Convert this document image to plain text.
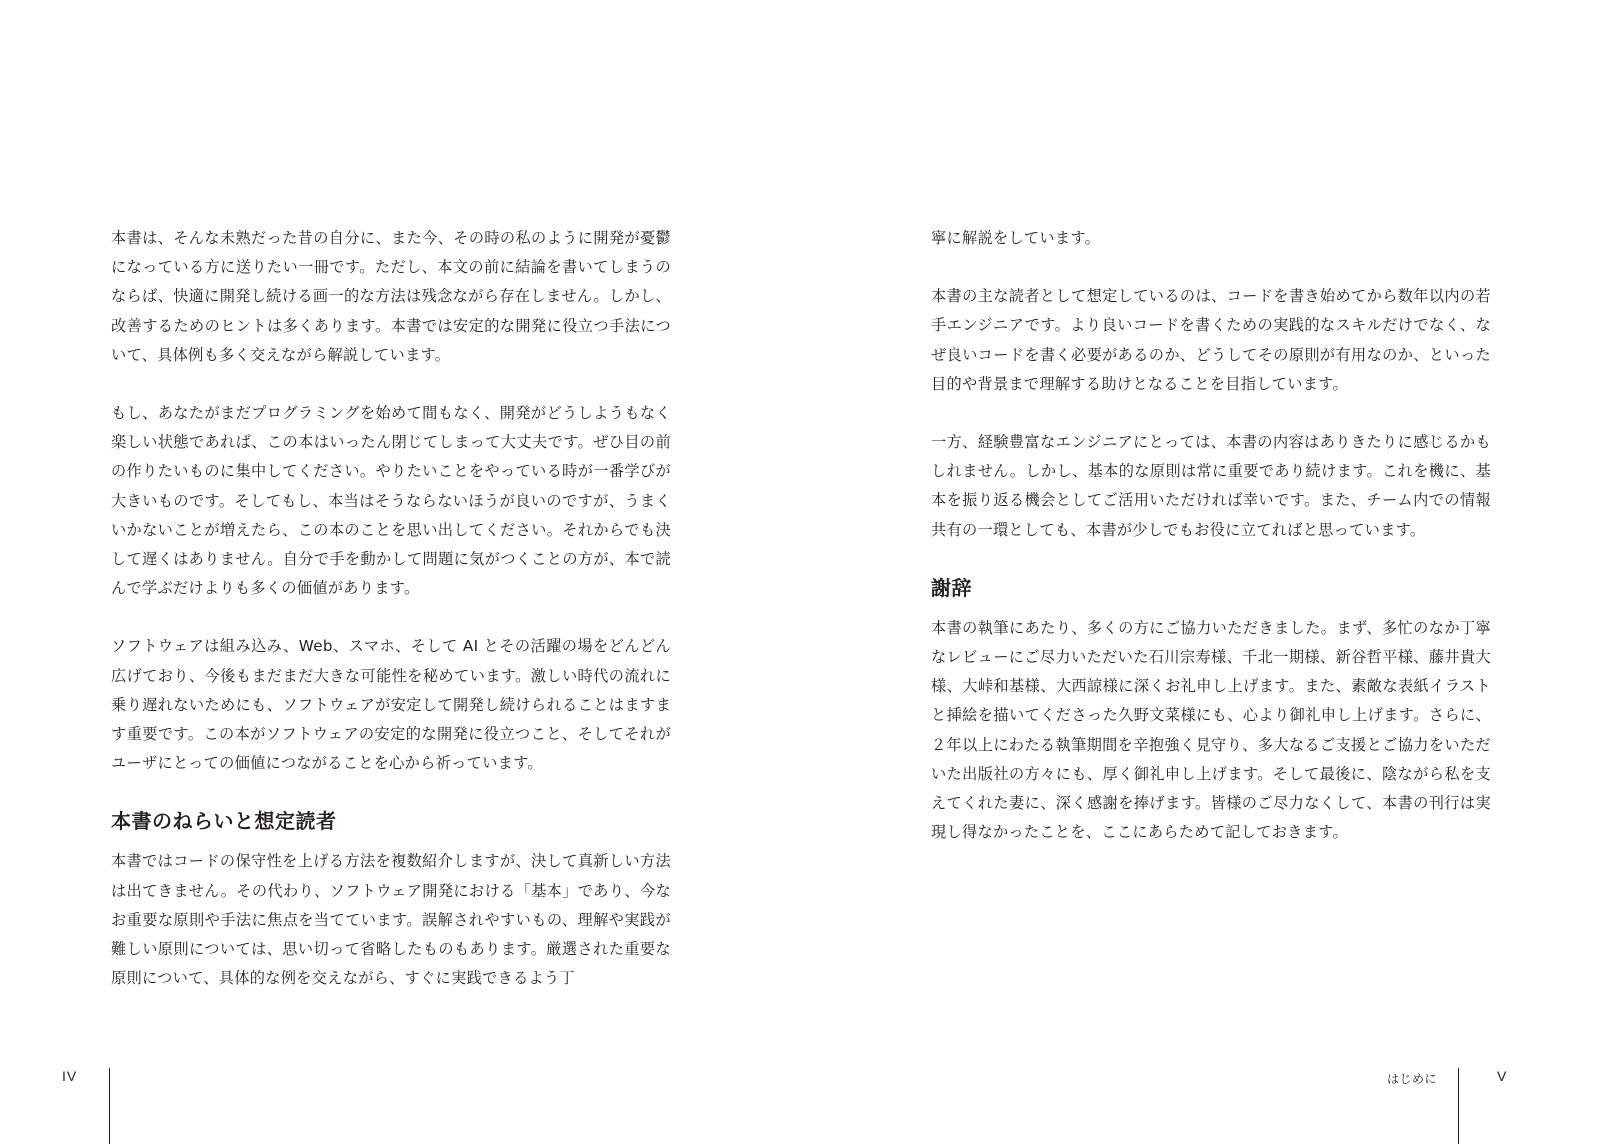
本書は、そんな未熟だった昔の自分に、また今、その時の私のように開発が憂鬱になっている方に送りたい一冊です。ただし、本文の前に結論を書いてしまうのならば、快適に開発し続ける画一的な方法は残念ながら存在しません。しかし、改善するためのヒントは多くあります。本書では安定的な開発に役立つ手法について、具体例も多く交えながら解説しています。

もし、あなたがまだプログラミングを始めて間もなく、開発がどうしようもなく楽しい状態であれば、この本はいったん閉じてしまって大丈夫です。ぜひ目の前の作りたいものに集中してください。やりたいことをやっている時が一番学びが大きいものです。そしてもし、本当はそうならないほうが良いのですが、うまくいかないことが増えたら、この本のことを思い出してください。それからでも決して遅くはありません。自分で手を動かして問題に気がつくことの方が、本で読んで学ぶだけよりも多くの価値があります。

ソフトウェアは組み込み、Web、スマホ、そして AI とその活躍の場をどんどん広げており、今後もまだまだ大きな可能性を秘めています。激しい時代の流れに乗り遅れないためにも、ソフトウェアが安定して開発し続けられることはますます重要です。この本がソフトウェアの安定的な開発に役立つこと、そしてそれがユーザにとっての価値につながることを心から祈っています。

本書のねらいと想定読者

本書ではコードの保守性を上げる方法を複数紹介しますが、決して真新しい方法は出てきません。その代わり、ソフトウェア開発における「基本」であり、今なお重要な原則や手法に焦点を当てています。誤解されやすいもの、理解や実践が難しい原則については、思い切って省略したものもあります。厳選された重要な原則について、具体的な例を交えながら、すぐに実践できるよう丁

IV

寧に解説をしています。

本書の主な読者として想定しているのは、コードを書き始めてから数年以内の若手エンジニアです。より良いコードを書くための実践的なスキルだけでなく、なぜ良いコードを書く必要があるのか、どうしてその原則が有用なのか、といった目的や背景まで理解する助けとなることを目指しています。

一方、経験豊富なエンジニアにとっては、本書の内容はありきたりに感じるかもしれません。しかし、基本的な原則は常に重要であり続けます。これを機に、基本を振り返る機会としてご活用いただければ幸いです。また、チーム内での情報共有の一環としても、本書が少しでもお役に立てればと思っています。

謝辞

本書の執筆にあたり、多くの方にご協力いただきました。まず、多忙のなか丁寧なレビューにご尽力いただいた石川宗寿様、千北一期様、新谷哲平様、藤井貴大様、大峠和基様、大西諒様に深くお礼申し上げます。また、素敵な表紙イラストと挿絵を描いてくださった久野文菜様にも、心より御礼申し上げます。さらに、２年以上にわたる執筆期間を辛抱強く見守り、多大なるご支援とご協力をいただいた出版社の方々にも、厚く御礼申し上げます。そして最後に、陰ながら私を支えてくれた妻に、深く感謝を捧げます。皆様のご尽力なくして、本書の刊行は実現し得なかったことを、ここにあらためて記しておきます。

はじめに	V
